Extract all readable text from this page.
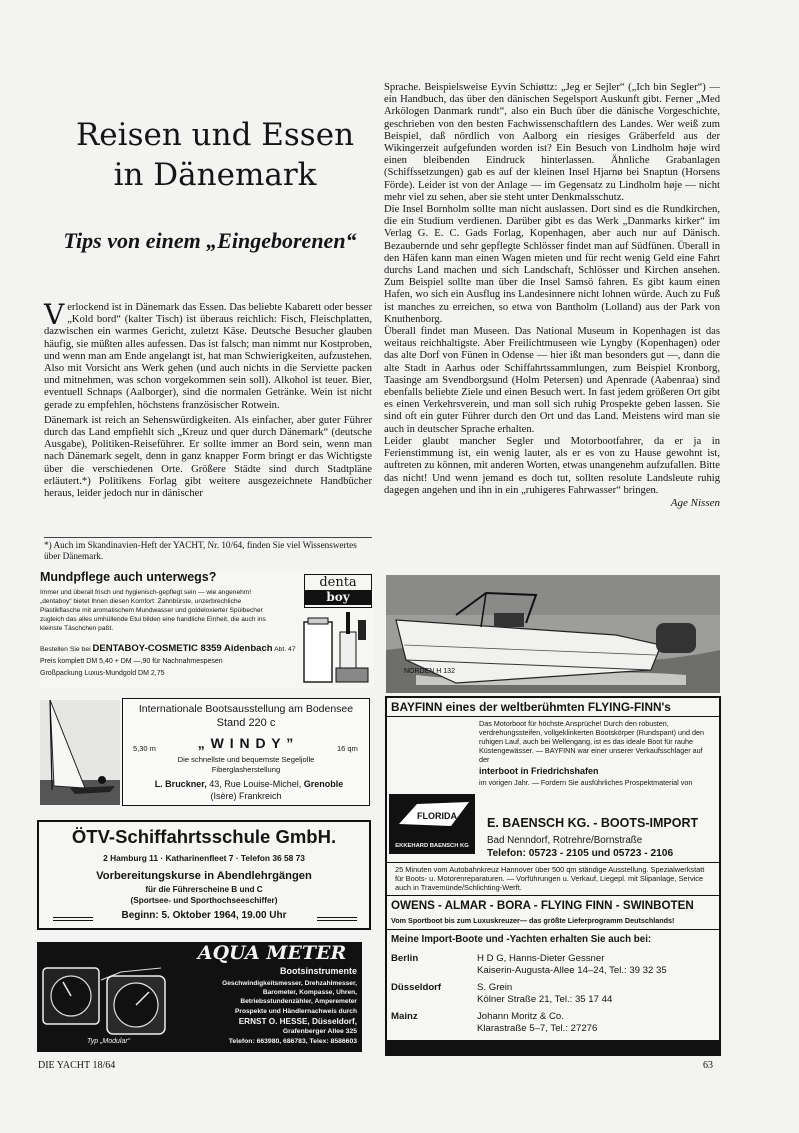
Reisen und Essen
in Dänemark
Tips von einem „Eingeborenen“

Verlockend ist in Dänemark das Essen. Das beliebte Kabarett oder besser „Kold bord“ (kalter Tisch) ist überaus reichlich: Fisch, Fleischplatten, dazwischen ein warmes Gericht, zuletzt Käse. Deutsche Besucher glauben häufig, sie müßten alles aufessen. Das ist falsch; man nimmt nur Kostproben, und wenn man am Ende angelangt ist, hat man Schwierigkeiten, aufzustehen. Also mit Vorsicht ans Werk gehen (und auch nichts in die Serviette packen und mitnehmen, was schon vorgekommen sein soll). Alkohol ist teuer. Bier, eventuell Schnaps (Aalborger), sind die normalen Getränke. Wein ist nicht gerade zu empfehlen, höchstens französischer Rotwein.

Dänemark ist reich an Sehenswürdigkeiten. Als einfacher, aber guter Führer durch das Land empfiehlt sich „Kreuz und quer durch Dänemark“ (deutsche Ausgabe), Politiken-Reiseführer. Er sollte immer an Bord sein, wenn man nach Dänemark segelt, denn in ganz knapper Form bringt er das Wichtigste über die verschiedenen Orte. Größere Städte sind durch Stadtpläne erläutert.*) Politikens Forlag gibt weitere ausgezeichnete Handbücher heraus, leider jedoch nur in dänischer

*) Auch im Skandinavien-Heft der YACHT, Nr. 10/64, finden Sie viel Wissenswertes über Dänemark.

Sprache. Beispielsweise Eyvin Schiøttz: „Jeg er Sejler“ („Ich bin Segler“) — ein Handbuch, das über den dänischen Segelsport Auskunft gibt. Ferner „Med Arkölogen Danmark rundt“, also ein Buch über die dänische Vorgeschichte, geschrieben von den besten Fachwissenschaftlern des Landes. Wer weiß zum Beispiel, daß nördlich von Aalborg ein riesiges Gräberfeld aus der Wikingerzeit aufgefunden worden ist? Ein Besuch von Lindholm høje wird einen bleibenden Eindruck hinterlassen. Ähnliche Grabanlagen (Schiffssetzungen) gab es auf der kleinen Insel Hjarnø bei Snaptun (Horsens Förde). Leider ist von der Anlage — im Gegensatz zu Lindholm høje — nicht mehr viel zu sehen, aber sie steht unter Denkmalsschutz.

Die Insel Bornholm sollte man nicht auslassen. Dort sind es die Rundkirchen, die ein Studium verdienen. Darüber gibt es das Werk „Danmarks kirker“ im Verlag G. E. C. Gads Forlag, Kopenhagen, aber auch nur auf Dänisch. Bezaubernde und sehr gepflegte Schlösser findet man auf Südfünen. Überall in den Häfen kann man einen Wagen mieten und für recht wenig Geld eine Fahrt durchs Land machen und sich Landschaft, Schlösser und Kirchen ansehen. Zum Beispiel sollte man über die Insel Samsö fahren. Es gibt kaum einen Hafen, wo sich ein Ausflug ins Landesinnere nicht lohnen würde. Auch zu Fuß ist manches zu erreichen, so etwa von Bantholm (Lolland) aus der Park von Knuthenborg.

Überall findet man Museen. Das National Museum in Kopenhagen ist das weitaus reichhaltigste. Aber Freilichtmuseen wie Lyngby (Kopenhagen) oder das alte Dorf von Fünen in Odense — hier ißt man besonders gut —, dann die alte Stadt in Aarhus oder Schiffahrtssammlungen, zum Beispiel Kronborg, Taasinge am Svendborgsund (Holm Petersen) und Apenrade (Aabenraa) sind ebenfalls beliebte Ziele und einen Besuch wert. In fast jedem größeren Ort gibt es einen Verkehrsverein, und man soll sich ruhig Prospekte geben lassen. Sie sind oft ein guter Führer durch den Ort und das Land. Meistens wird man sie auch in deutscher Sprache erhalten.

Leider glaubt mancher Segler und Motorbootfahrer, da er ja in Ferienstimmung ist, ein wenig lauter, als er es von zu Hause gewohnt ist, auftreten zu können, mit anderen Worten, etwas unangenehm aufzufallen. Bitte das nicht! Und wenn jemand es doch tut, sollten resolute Landsleute ruhig dagegen angehen und ihn in ein „ruhigeres Fahrwasser“ bringen.

Age Nissen
Mundpflege auch unterwegs?
Immer und überall frisch und hygienisch-gepflegt sein — wie angenehm! „dentaboy“ bietet Ihnen diesen Komfort: Zahnbürste, unzerbrechliche Plastikflasche mit aromatischem Mundwasser und goldeloxierter Spülbecher zugleich das alles umhüllende Etui bilden eine handliche Einheit, die auch ins kleinste Täschchen paßt.
Bestellen Sie bei DENTABOY-COSMETIC 8359 Aidenbach Abt. 47
Preis komplett DM 5,40 + DM —,90 für Nachnahmespesen
Großpackung Luxus-Mundgold DM 2,75
denta
boy
NORDEN H 132
Internationale Bootsausstellung am Bodensee
Stand 220 c
5,30 m	„ W I N D Y ”	16 qm
Die schnellste und bequemste Segeljolle
Fiberglasherstellung
L. Bruckner, 43, Rue Louise-Michel, Grenoble
(Isère) Frankreich
ÖTV-Schiffahrtsschule GmbH.
2 Hamburg 11 · Katharinenfleet 7 · Telefon 36 58 73
Vorbereitungskurse in Abendlehrgängen
für die Führerscheine B und C
(Sportsee- und Sporthochseeschiffer)
Beginn: 5. Oktober 1964, 19.00 Uhr
Typ „Modular“
AQUA METER
Bootsinstrumente
Geschwindigkeitsmesser, Drehzahlmesser, Barometer, Kompasse, Uhren, Betriebsstundenzähler, Amperemeter
Prospekte und Händlernachweis durch
ERNST O. HESSE, Düsseldorf,
Grafenberger Allee 325
Telefon: 663980, 686783, Telex: 8586603
BAYFINN eines der weltberühmten FLYING-FINN's
Das Motorboot für höchste Ansprüche! Durch den robusten, verdrehungssteifen, vollgeklinkerten Bootskörper (Rundspant) und den ruhigen Lauf, auch bei Wellengang, ist es das ideale Boot für rauhe Küstengewässer. — BAYFINN war einer unserer Verkaufsschlager auf der
interboot in Friedrichshafen
im vorigen Jahr. — Fordern Sie ausführliches Prospektmaterial von
FLORIDA
EKKEHARD BAENSCH KG
E. BAENSCH KG. - BOOTS-IMPORT
Bad Nenndorf, Rotrehre/Bornstraße
Telefon: 05723 - 2105 und 05723 - 2106
25 Minuten vom Autobahnkreuz Hannover über 500 qm ständige Ausstellung. Spezialwerkstatt für Boots- u. Motorenreparaturen. — Vorführungen u. Verkauf, Liegepl. mit Slipanlage, Service auch in Travemünde/Schlichting-Werft.
OWENS - ALMAR - BORA - FLYING FINN - SWINBOTEN
Vom Sportboot bis zum Luxuskreuzer— das größte Lieferprogramm Deutschlands!
Meine Import-Boote und -Yachten erhalten Sie auch bei:
Berlin	H D G, Hanns-Dieter Gessner
Kaiserin-Augusta-Allee 14–24, Tel.: 39 32 35
Düsseldorf	S. Grein
Kölner Straße 21, Tel.: 35 17 44
Mainz	Johann Moritz & Co.
Klarastraße 5–7, Tel.: 27276
DIE YACHT 18/64	63
